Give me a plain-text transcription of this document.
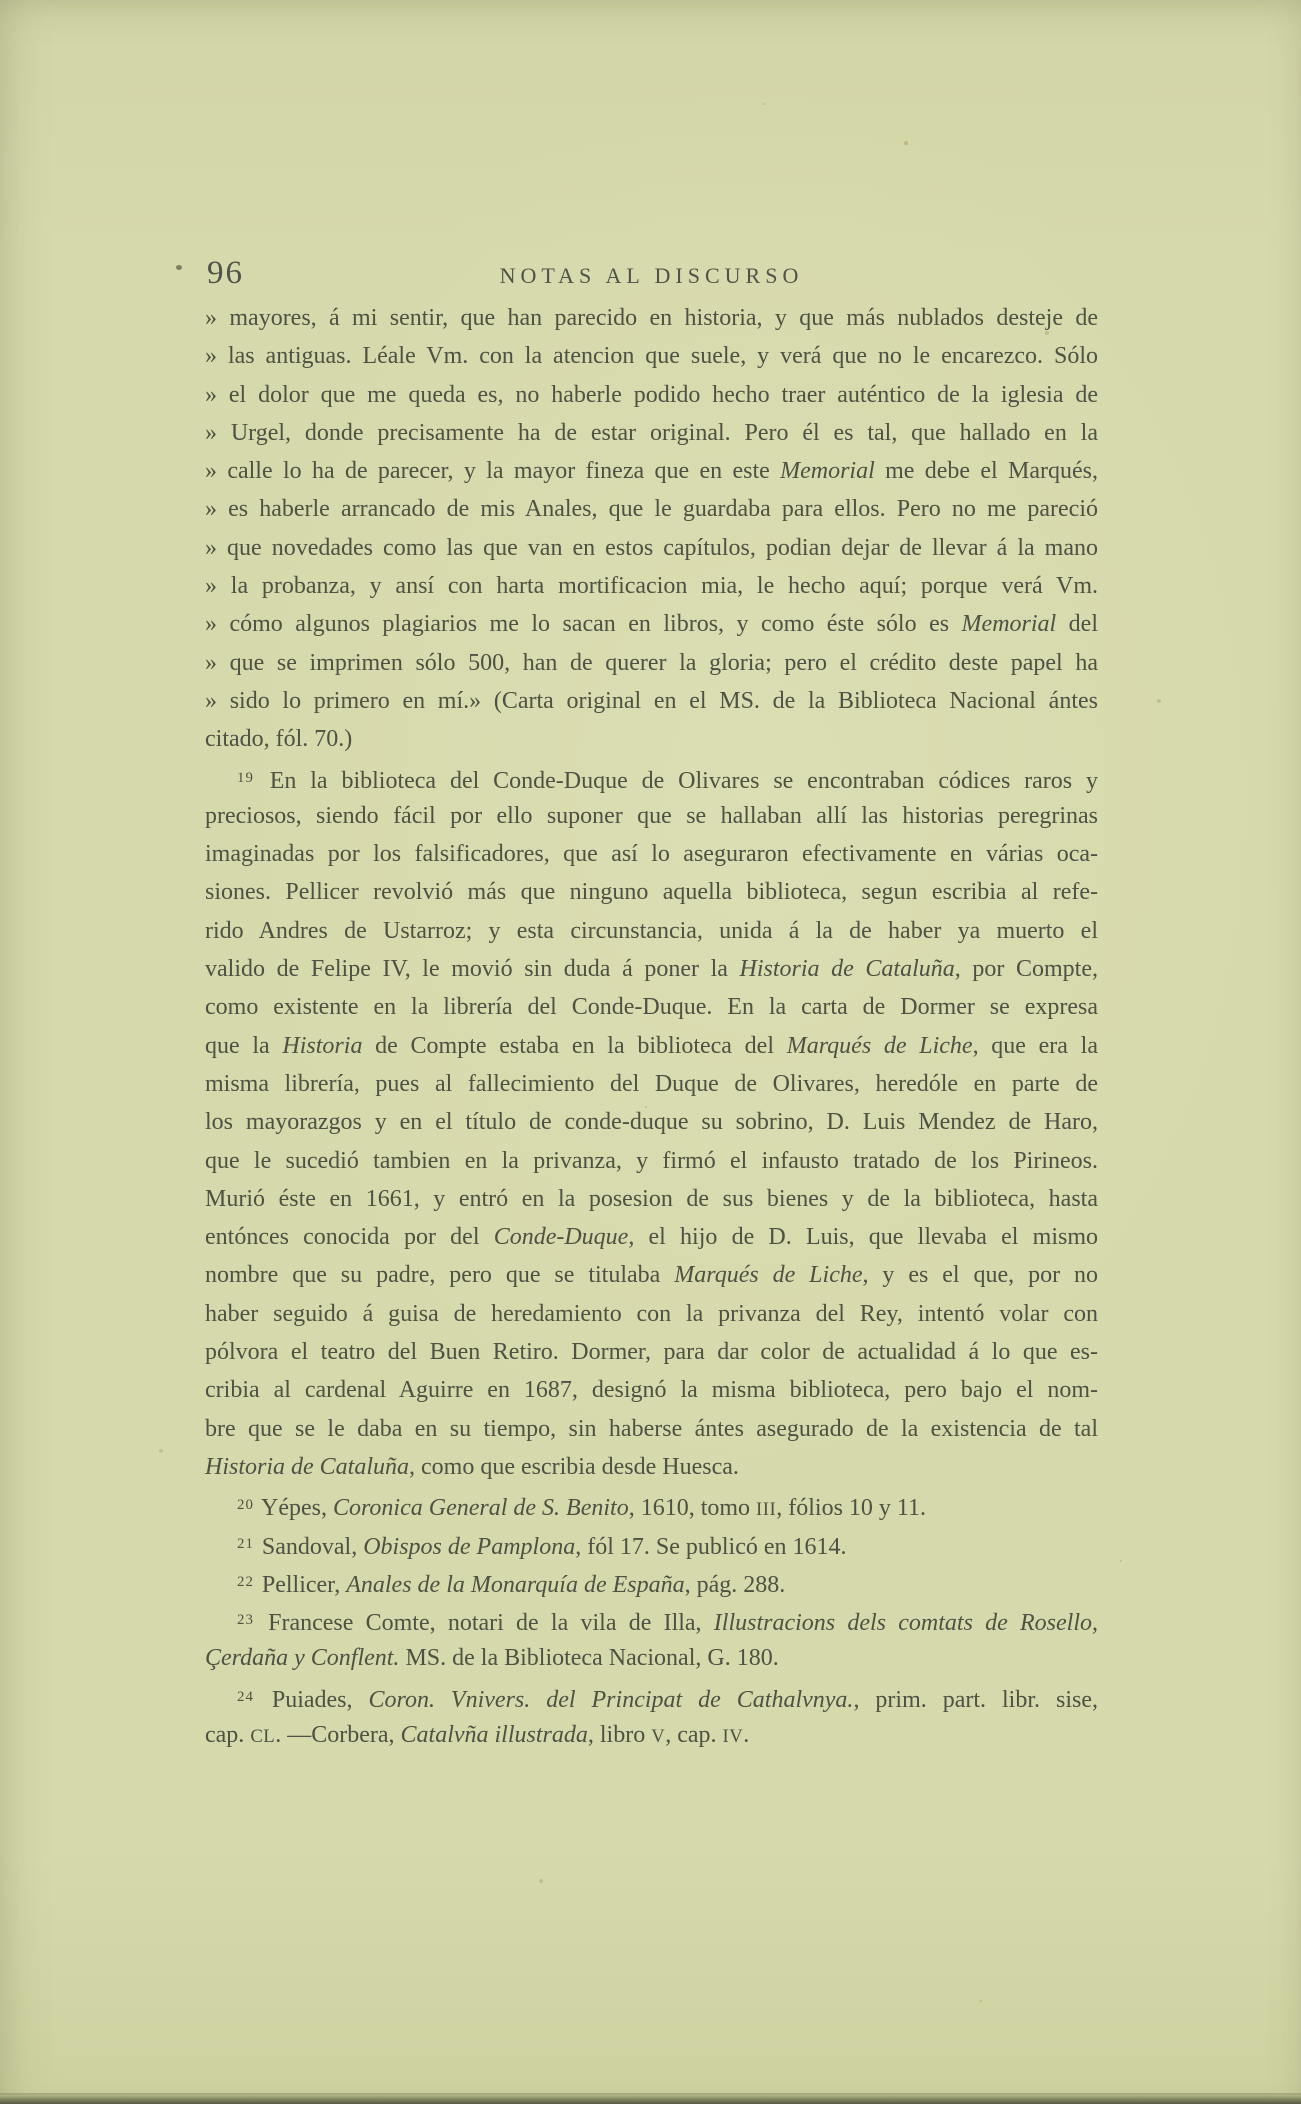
96	NOTAS AL DISCURSO
» mayores, á mi sentir, que han parecido en historia, y que más nublados desteje de
» las antiguas. Léale Vm. con la atencion que suele, y verá que no le encarezco. Sólo
» el dolor que me queda es, no haberle podido hecho traer auténtico de la iglesia de
» Urgel, donde precisamente ha de estar original. Pero él es tal, que hallado en la
» calle lo ha de parecer, y la mayor fineza que en este Memorial me debe el Marqués,
» es haberle arrancado de mis Anales, que le guardaba para ellos. Pero no me pareció
» que novedades como las que van en estos capítulos, podian dejar de llevar á la mano
» la probanza, y ansí con harta mortificacion mia, le hecho aquí; porque verá Vm.
» cómo algunos plagiarios me lo sacan en libros, y como éste sólo es Memorial del
» que se imprimen sólo 500, han de querer la gloria; pero el crédito deste papel ha
» sido lo primero en mí.» (Carta original en el MS. de la Biblioteca Nacional ántes
citado, fól. 70.)
$^{19}$ En la biblioteca del Conde-Duque de Olivares se encontraban códices raros y
preciosos, siendo fácil por ello suponer que se hallaban allí las historias peregrinas
imaginadas por los falsificadores, que así lo aseguraron efectivamente en várias oca-
siones. Pellicer revolvió más que ninguno aquella biblioteca, segun escribia al refe-
rido Andres de Ustarroz; y esta circunstancia, unida á la de haber ya muerto el
valido de Felipe IV, le movió sin duda á poner la Historia de Cataluña, por Compte,
como existente en la librería del Conde-Duque. En la carta de Dormer se expresa
que la Historia de Compte estaba en la biblioteca del Marqués de Liche, que era la
misma librería, pues al fallecimiento del Duque de Olivares, heredóle en parte de
los mayorazgos y en el título de conde-duque su sobrino, D. Luis Mendez de Haro,
que le sucedió tambien en la privanza, y firmó el infausto tratado de los Pirineos.
Murió éste en 1661, y entró en la posesion de sus bienes y de la biblioteca, hasta
entónces conocida por del Conde-Duque, el hijo de D. Luis, que llevaba el mismo
nombre que su padre, pero que se titulaba Marqués de Liche, y es el que, por no
haber seguido á guisa de heredamiento con la privanza del Rey, intentó volar con
pólvora el teatro del Buen Retiro. Dormer, para dar color de actualidad á lo que es-
cribia al cardenal Aguirre en 1687, designó la misma biblioteca, pero bajo el nom-
bre que se le daba en su tiempo, sin haberse ántes asegurado de la existencia de tal
Historia de Cataluña, como que escribia desde Huesca.
$^{20}$ Yépes, Coronica General de S. Benito, 1610, tomo III, fólios 10 y 11.
$^{21}$ Sandoval, Obispos de Pamplona, fól 17. Se publicó en 1614.
$^{22}$ Pellicer, Anales de la Monarquía de España, pág. 288.
$^{23}$ Francese Comte, notari de la vila de Illa, Illustracions dels comtats de Rosello,
Çerdaña y Conflent. MS. de la Biblioteca Nacional, G. 180.
$^{24}$ Puiades, Coron. Vnivers. del Principat de Cathalvnya., prim. part. libr. sise,
cap. CL. —Corbera, Catalvña illustrada, libro V, cap. IV.
